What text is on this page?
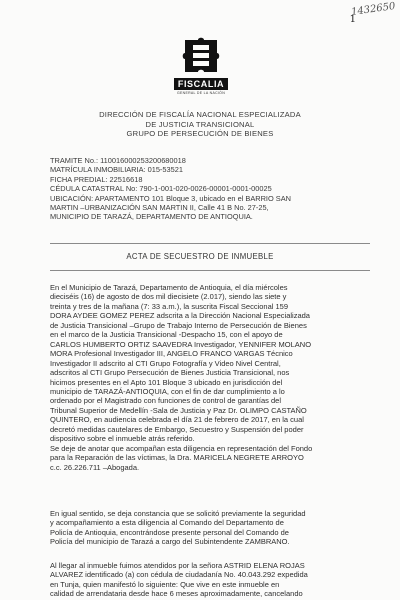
1432650
1
FISCALIA
GENERAL DE LA NACIÓN
DIRECCIÓN DE FISCALÍA NACIONAL ESPECIALIZADA
DE JUSTICIA TRANSICIONAL
GRUPO DE PERSECUCIÓN DE BIENES
TRAMITE No.: 110016000253200680018
MATRÍCULA INMOBILIARIA: 015-53521
FICHA PREDIAL: 22516618
CÉDULA CATASTRAL No: 790-1-001-020-0026-00001-0001-00025
UBICACIÓN: APARTAMENTO 101 Bloque 3, ubicado en el BARRIO SAN
MARTIN –URBANIZACIÓN SAN MARTIN II, Calle 41 B No. 27-25,
MUNICIPIO DE TARAZÁ, DEPARTAMENTO DE ANTIOQUIA.
ACTA DE SECUESTRO DE INMUEBLE
En el Municipio de Tarazá, Departamento de Antioquia, el día miércoles
dieciséis (16) de agosto de dos mil diecisiete (2.017), siendo las siete y
treinta y tres de la mañana (7: 33 a.m.), la suscrita Fiscal Seccional 159
DORA AYDEE GOMEZ PEREZ adscrita a la Dirección Nacional Especializada
de Justicia Transicional –Grupo de Trabajo Interno de Persecución de Bienes
en el marco de la Justicia Transicional -Despacho 15, con el apoyo de
CARLOS HUMBERTO ORTIZ SAAVEDRA Investigador, YENNIFER MOLANO
MORA Profesional Investigador III, ANGELO FRANCO VARGAS Técnico
Investigador II adscrito al CTI Grupo Fotografía y Video Nivel Central,
adscritos al CTI Grupo Persecución de Bienes Justicia Transicional, nos
hicimos presentes en el Apto 101 Bloque 3 ubicado en jurisdicción del
municipio de TARAZÁ-ANTIOQUIA, con el fin de dar cumplimiento a lo
ordenado por el Magistrado con funciones de control de garantías del
Tribunal Superior de Medellín -Sala de Justicia y Paz Dr. OLIMPO CASTAÑO
QUINTERO, en audiencia celebrada el día 21 de febrero de 2017, en la cual
decretó medidas cautelares de Embargo, Secuestro y Suspensión del poder
dispositivo sobre el inmueble atrás referido.
Se deje de anotar que acompañan esta diligencia en representación del Fondo
para la Reparación de las víctimas, la Dra. MARICELA NEGRETE ARROYO
c.c. 26.226.711 –Abogada.
En igual sentido, se deja constancia que se solicitó previamente la seguridad
y acompañamiento a esta diligencia al Comando del Departamento de
Policía de Antioquia, encontrándose presente personal del Comando de
Policía del municipio de Tarazá a cargo del Subintendente ZAMBRANO.
Al llegar al inmueble fuimos atendidos por la señora ASTRID ELENA ROJAS
ALVAREZ identificado (a) con cédula de ciudadanía No. 40.043.292 expedida
en Tunja, quien manifestó lo siguiente: Que vive en este inmueble en
calidad de arrendataria desde hace 6 meses aproximadamente, cancelando
